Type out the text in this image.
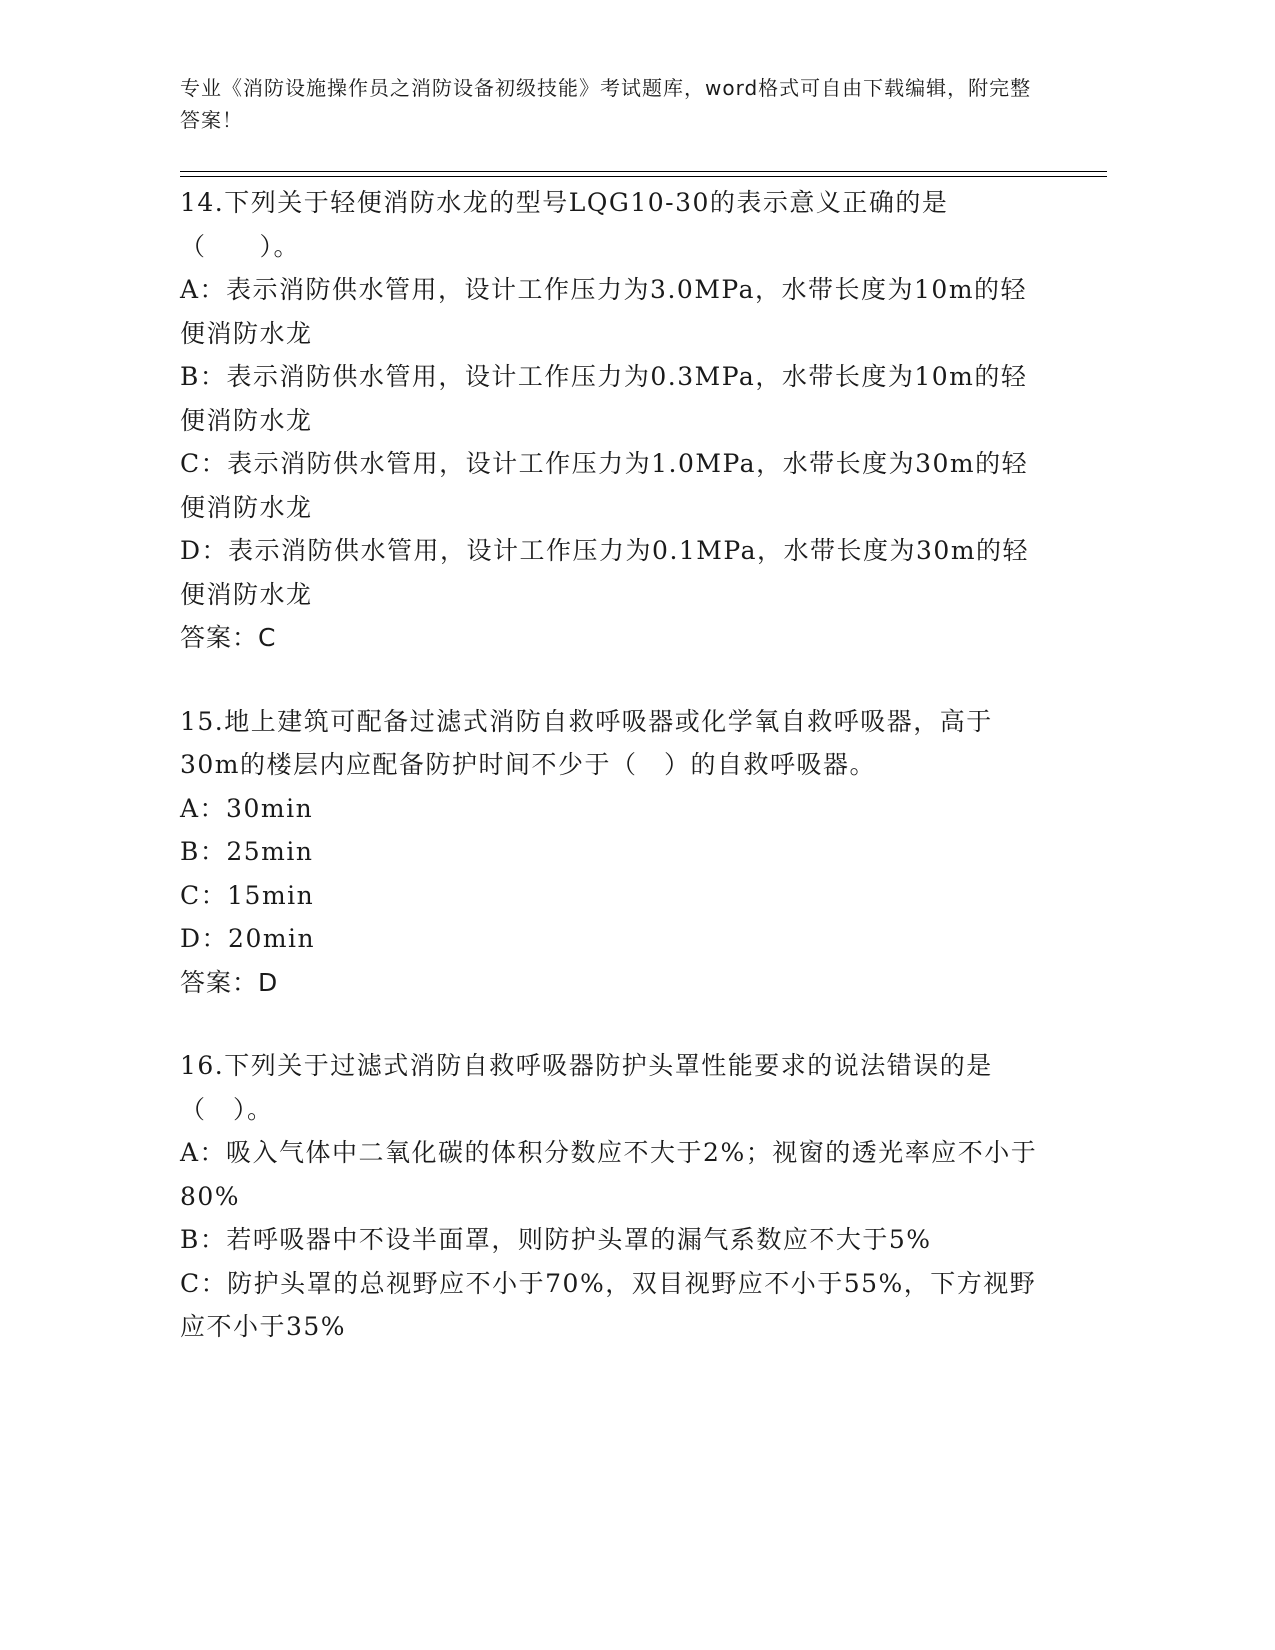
专业《消防设施操作员之消防设备初级技能》考试题库，word格式可自由下载编辑，附完整答案！
14.下列关于轻便消防水龙的型号LQG10-30的表示意义正确的是（　　）。
A：表示消防供水管用，设计工作压力为3.0MPa，水带长度为10m的轻便消防水龙
B：表示消防供水管用，设计工作压力为0.3MPa，水带长度为10m的轻便消防水龙
C：表示消防供水管用，设计工作压力为1.0MPa，水带长度为30m的轻便消防水龙
D：表示消防供水管用，设计工作压力为0.1MPa，水带长度为30m的轻便消防水龙
答案：C
15.地上建筑可配备过滤式消防自救呼吸器或化学氧自救呼吸器，高于30m的楼层内应配备防护时间不少于（　）的自救呼吸器。
A：30min
B：25min
C：15min
D：20min
答案：D
16.下列关于过滤式消防自救呼吸器防护头罩性能要求的说法错误的是（　）。
A：吸入气体中二氧化碳的体积分数应不大于2%；视窗的透光率应不小于80%
B：若呼吸器中不设半面罩，则防护头罩的漏气系数应不大于5%
C：防护头罩的总视野应不小于70%，双目视野应不小于55%，下方视野应不小于35%
